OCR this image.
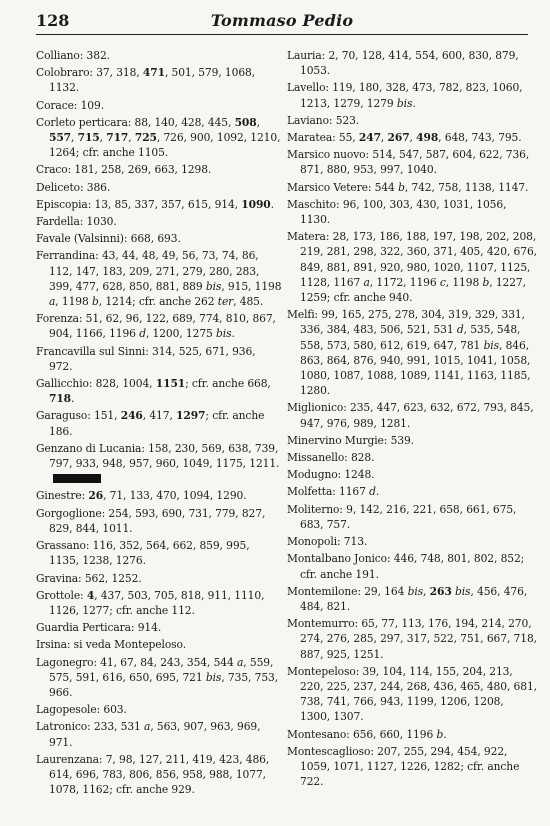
128	Tommaso Pedio
Colliano: 382.
Colobraro: 37, 318, 471, 501, 579, 1068, 1132.
Corace: 109.
Corleto perticara: 88, 140, 428, 445, 508, 557, 715, 717, 725, 726, 900, 1092, 1210, 1264; cfr. anche 1105.
Craco: 181, 258, 269, 663, 1298.
Deliceto: 386.
Episcopia: 13, 85, 337, 357, 615, 914, 1090.
Fardella: 1030.
Favale (Valsinni): 668, 693.
Ferrandina: 43, 44, 48, 49, 56, 73, 74, 86, 112, 147, 183, 209, 271, 279, 280, 283, 399, 477, 628, 850, 881, 889 bis, 915, 1198 a, 1198 b, 1214; cfr. anche 262 ter, 485.
Forenza: 51, 62, 96, 122, 689, 774, 810, 867, 904, 1166, 1196 d, 1200, 1275 bis.
Francavilla sul Sinni: 314, 525, 671, 936, 972.
Gallicchio: 828, 1004, 1151; cfr. anche 668, 718.
Garaguso: 151, 246, 417, 1297; cfr. anche 186.
Genzano di Lucania: 158, 230, 569, 638, 739, 797, 933, 948, 957, 960, 1049, 1175, 1211.
Ginestre: 26, 71, 133, 470, 1094, 1290.
Gorgoglione: 254, 593, 690, 731, 779, 827, 829, 844, 1011.
Grassano: 116, 352, 564, 662, 859, 995, 1135, 1238, 1276.
Gravina: 562, 1252.
Grottole: 4, 437, 503, 705, 818, 911, 1110, 1126, 1277; cfr. anche 112.
Guardia Perticara: 914.
Irsina: si veda Montepeloso.
Lagonegro: 41, 67, 84, 243, 354, 544 a, 559, 575, 591, 616, 650, 695, 721 bis, 735, 753, 966.
Lagopesole: 603.
Latronico: 233, 531 a, 563, 907, 963, 969, 971.
Laurenzana: 7, 98, 127, 211, 419, 423, 486, 614, 696, 783, 806, 856, 958, 988, 1077, 1078, 1162; cfr. anche 929.
Lauria: 2, 70, 128, 414, 554, 600, 830, 879, 1053.
Lavello: 119, 180, 328, 473, 782, 823, 1060, 1213, 1279, 1279 bis.
Laviano: 523.
Maratea: 55, 247, 267, 498, 648, 743, 795.
Marsico nuovo: 514, 547, 587, 604, 622, 736, 871, 880, 953, 997, 1040.
Marsico Vetere: 544 b, 742, 758, 1138, 1147.
Maschito: 96, 100, 303, 430, 1031, 1056, 1130.
Matera: 28, 173, 186, 188, 197, 198, 202, 208, 219, 281, 298, 322, 360, 371, 405, 420, 676, 849, 881, 891, 920, 980, 1020, 1107, 1125, 1128, 1167 a, 1172, 1196 c, 1198 b, 1227, 1259; cfr. anche 940.
Melfi: 99, 165, 275, 278, 304, 319, 329, 331, 336, 384, 483, 506, 521, 531 d, 535, 548, 558, 573, 580, 612, 619, 647, 781 bis, 846, 863, 864, 876, 940, 991, 1015, 1041, 1058, 1080, 1087, 1088, 1089, 1141, 1163, 1185, 1280.
Miglionico: 235, 447, 623, 632, 672, 793, 845, 947, 976, 989, 1281.
Minervino Murgie: 539.
Missanello: 828.
Modugno: 1248.
Molfetta: 1167 d.
Moliterno: 9, 142, 216, 221, 658, 661, 675, 683, 757.
Monopoli: 713.
Montalbano Jonico: 446, 748, 801, 802, 852; cfr. anche 191.
Montemilone: 29, 164 bis, 263 bis, 456, 476, 484, 821.
Montemurro: 65, 77, 113, 176, 194, 214, 270, 274, 276, 285, 297, 317, 522, 751, 667, 718, 887, 925, 1251.
Montepeloso: 39, 104, 114, 155, 204, 213, 220, 225, 237, 244, 268, 436, 465, 480, 681, 738, 741, 766, 943, 1199, 1206, 1208, 1300, 1307.
Montesano: 656, 660, 1196 b.
Montescaglioso: 207, 255, 294, 454, 922, 1059, 1071, 1127, 1226, 1282; cfr. anche 722.
